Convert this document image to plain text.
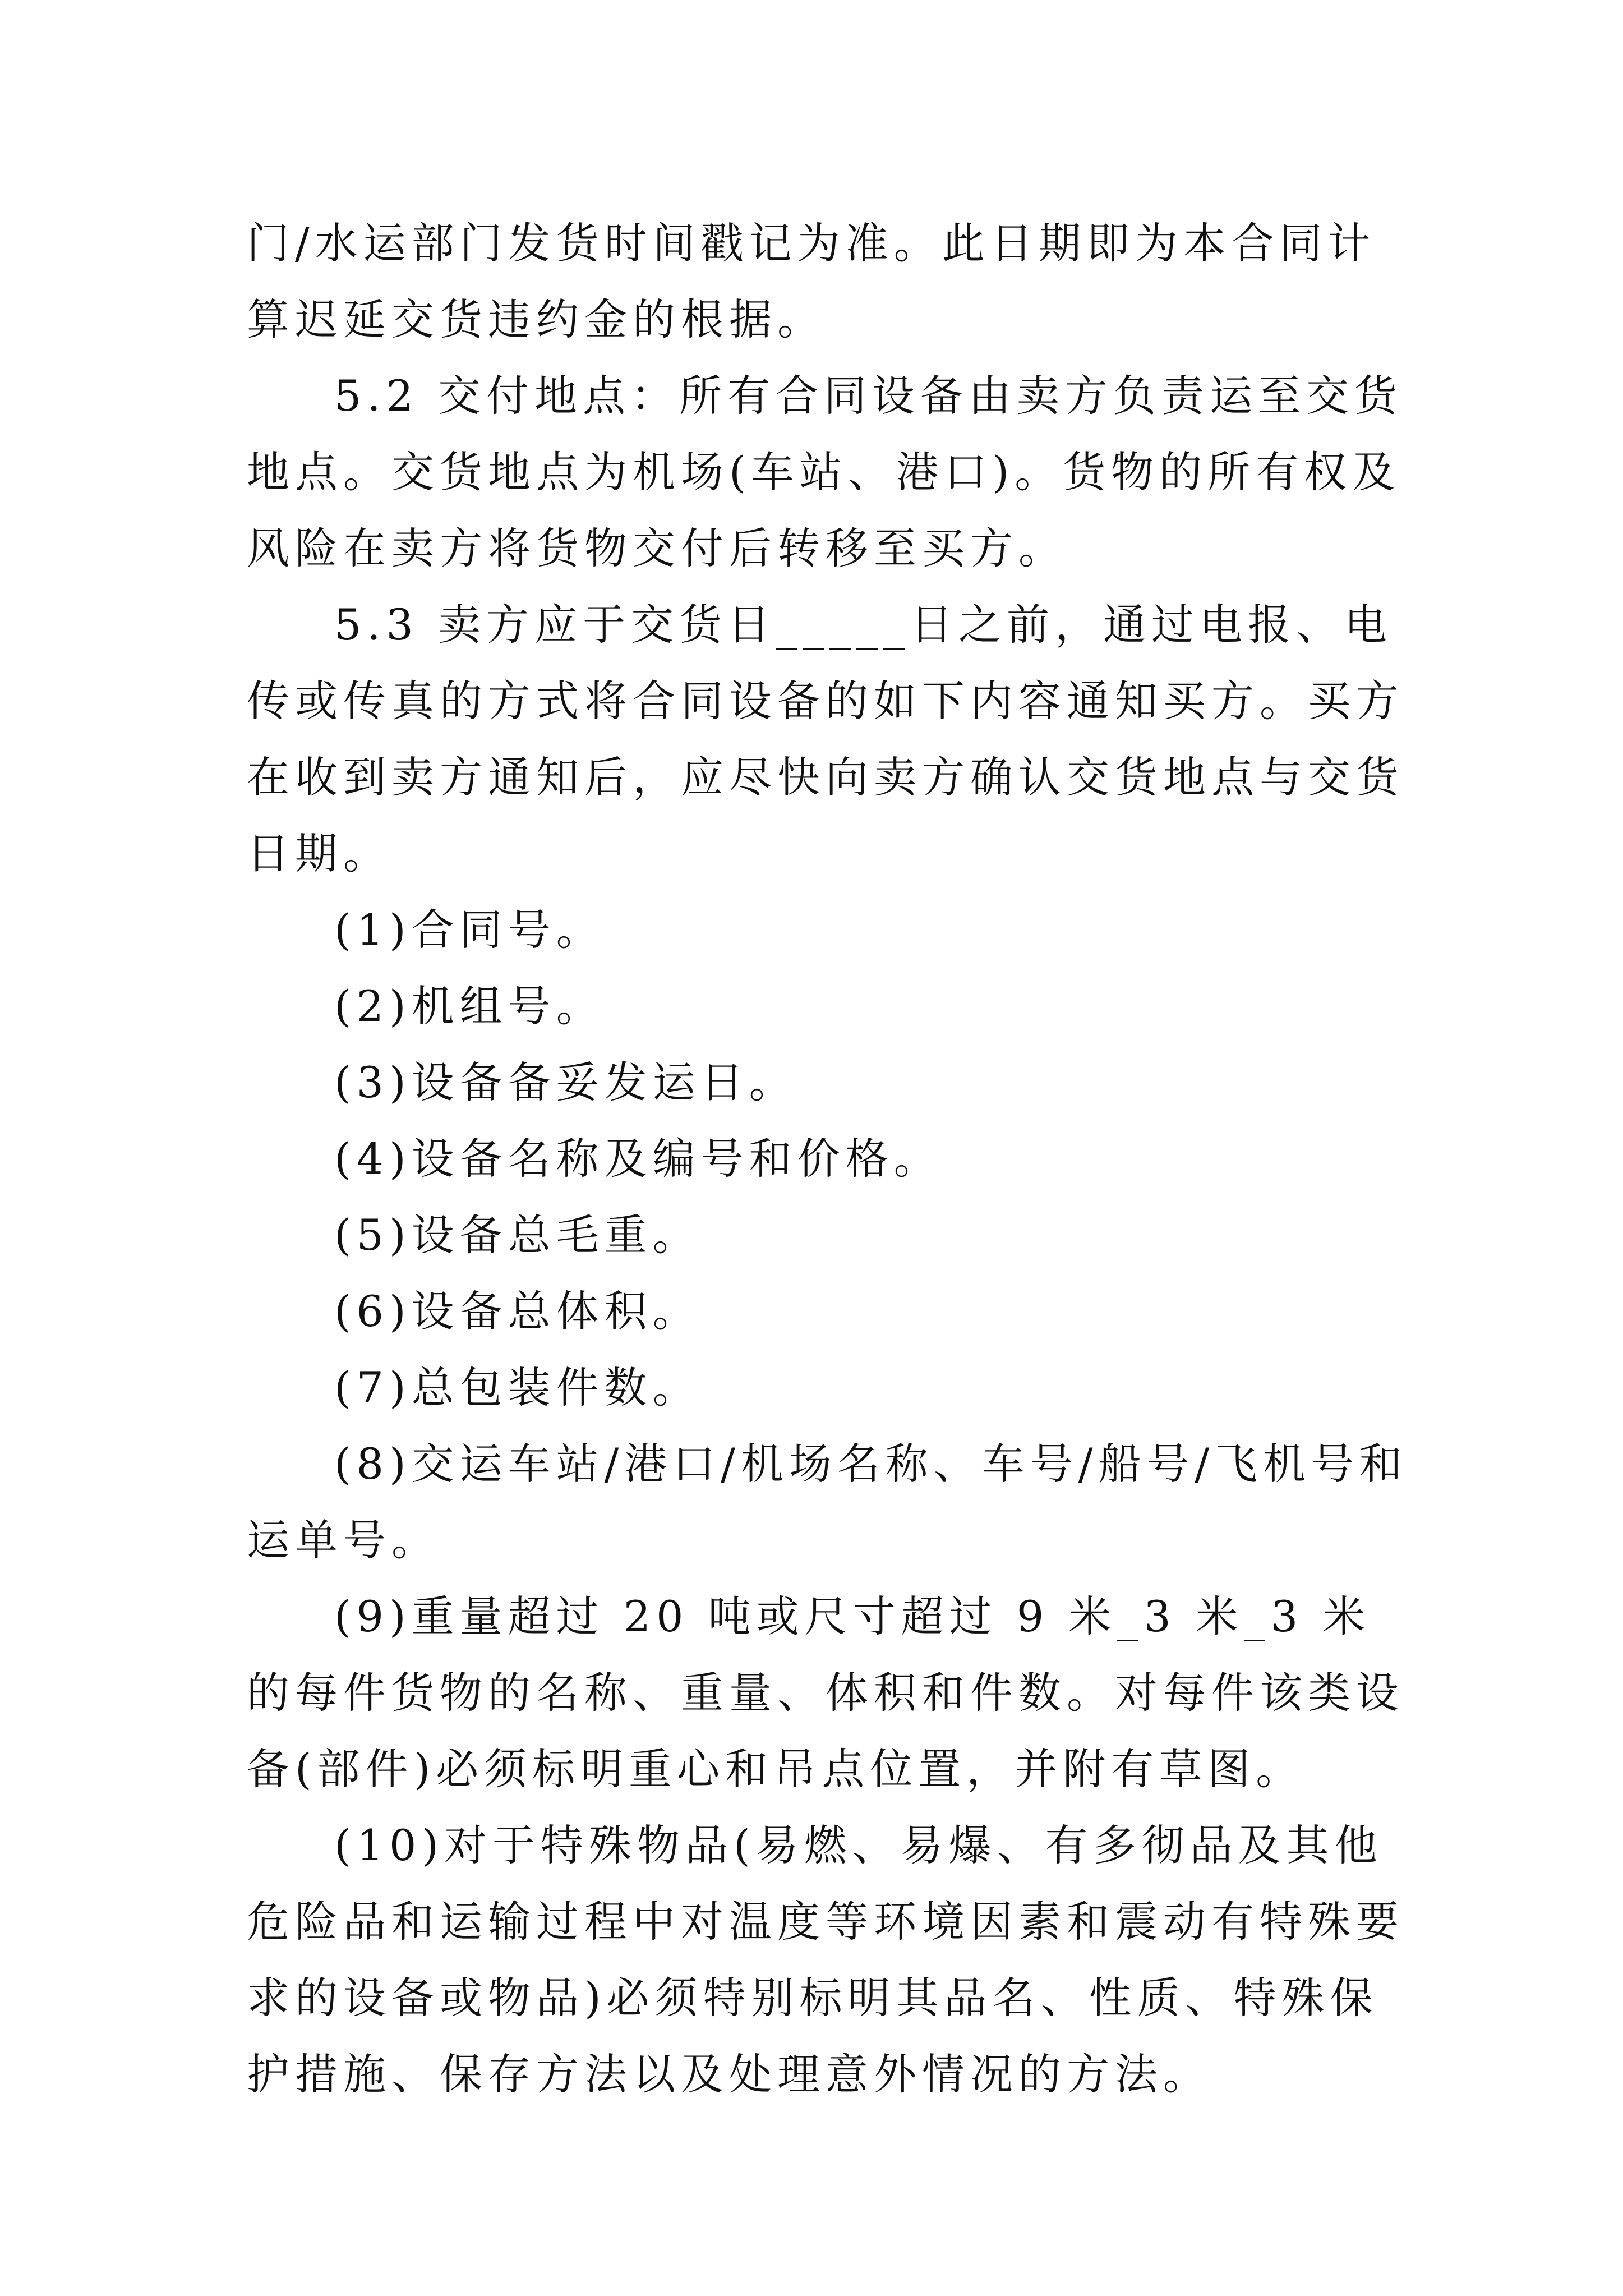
门/水运部门发货时间戳记为准。此日期即为本合同计算迟延交货违约金的根据。

5.2 交付地点：所有合同设备由卖方负责运至交货地点。交货地点为机场(车站、港口)。货物的所有权及风险在卖方将货物交付后转移至买方。

5.3 卖方应于交货日_____日之前，通过电报、电传或传真的方式将合同设备的如下内容通知买方。买方在收到卖方通知后，应尽快向卖方确认交货地点与交货日期。

(1)合同号。

(2)机组号。

(3)设备备妥发运日。

(4)设备名称及编号和价格。

(5)设备总毛重。

(6)设备总体积。

(7)总包装件数。

(8)交运车站/港口/机场名称、车号/船号/飞机号和运单号。

(9)重量超过 20 吨或尺寸超过 9 米_3 米_3 米的每件货物的名称、重量、体积和件数。对每件该类设备(部件)必须标明重心和吊点位置，并附有草图。

(10)对于特殊物品(易燃、易爆、有多彻品及其他危险品和运输过程中对温度等环境因素和震动有特殊要求的设备或物品)必须特别标明其品名、性质、特殊保护措施、保存方法以及处理意外情况的方法。
